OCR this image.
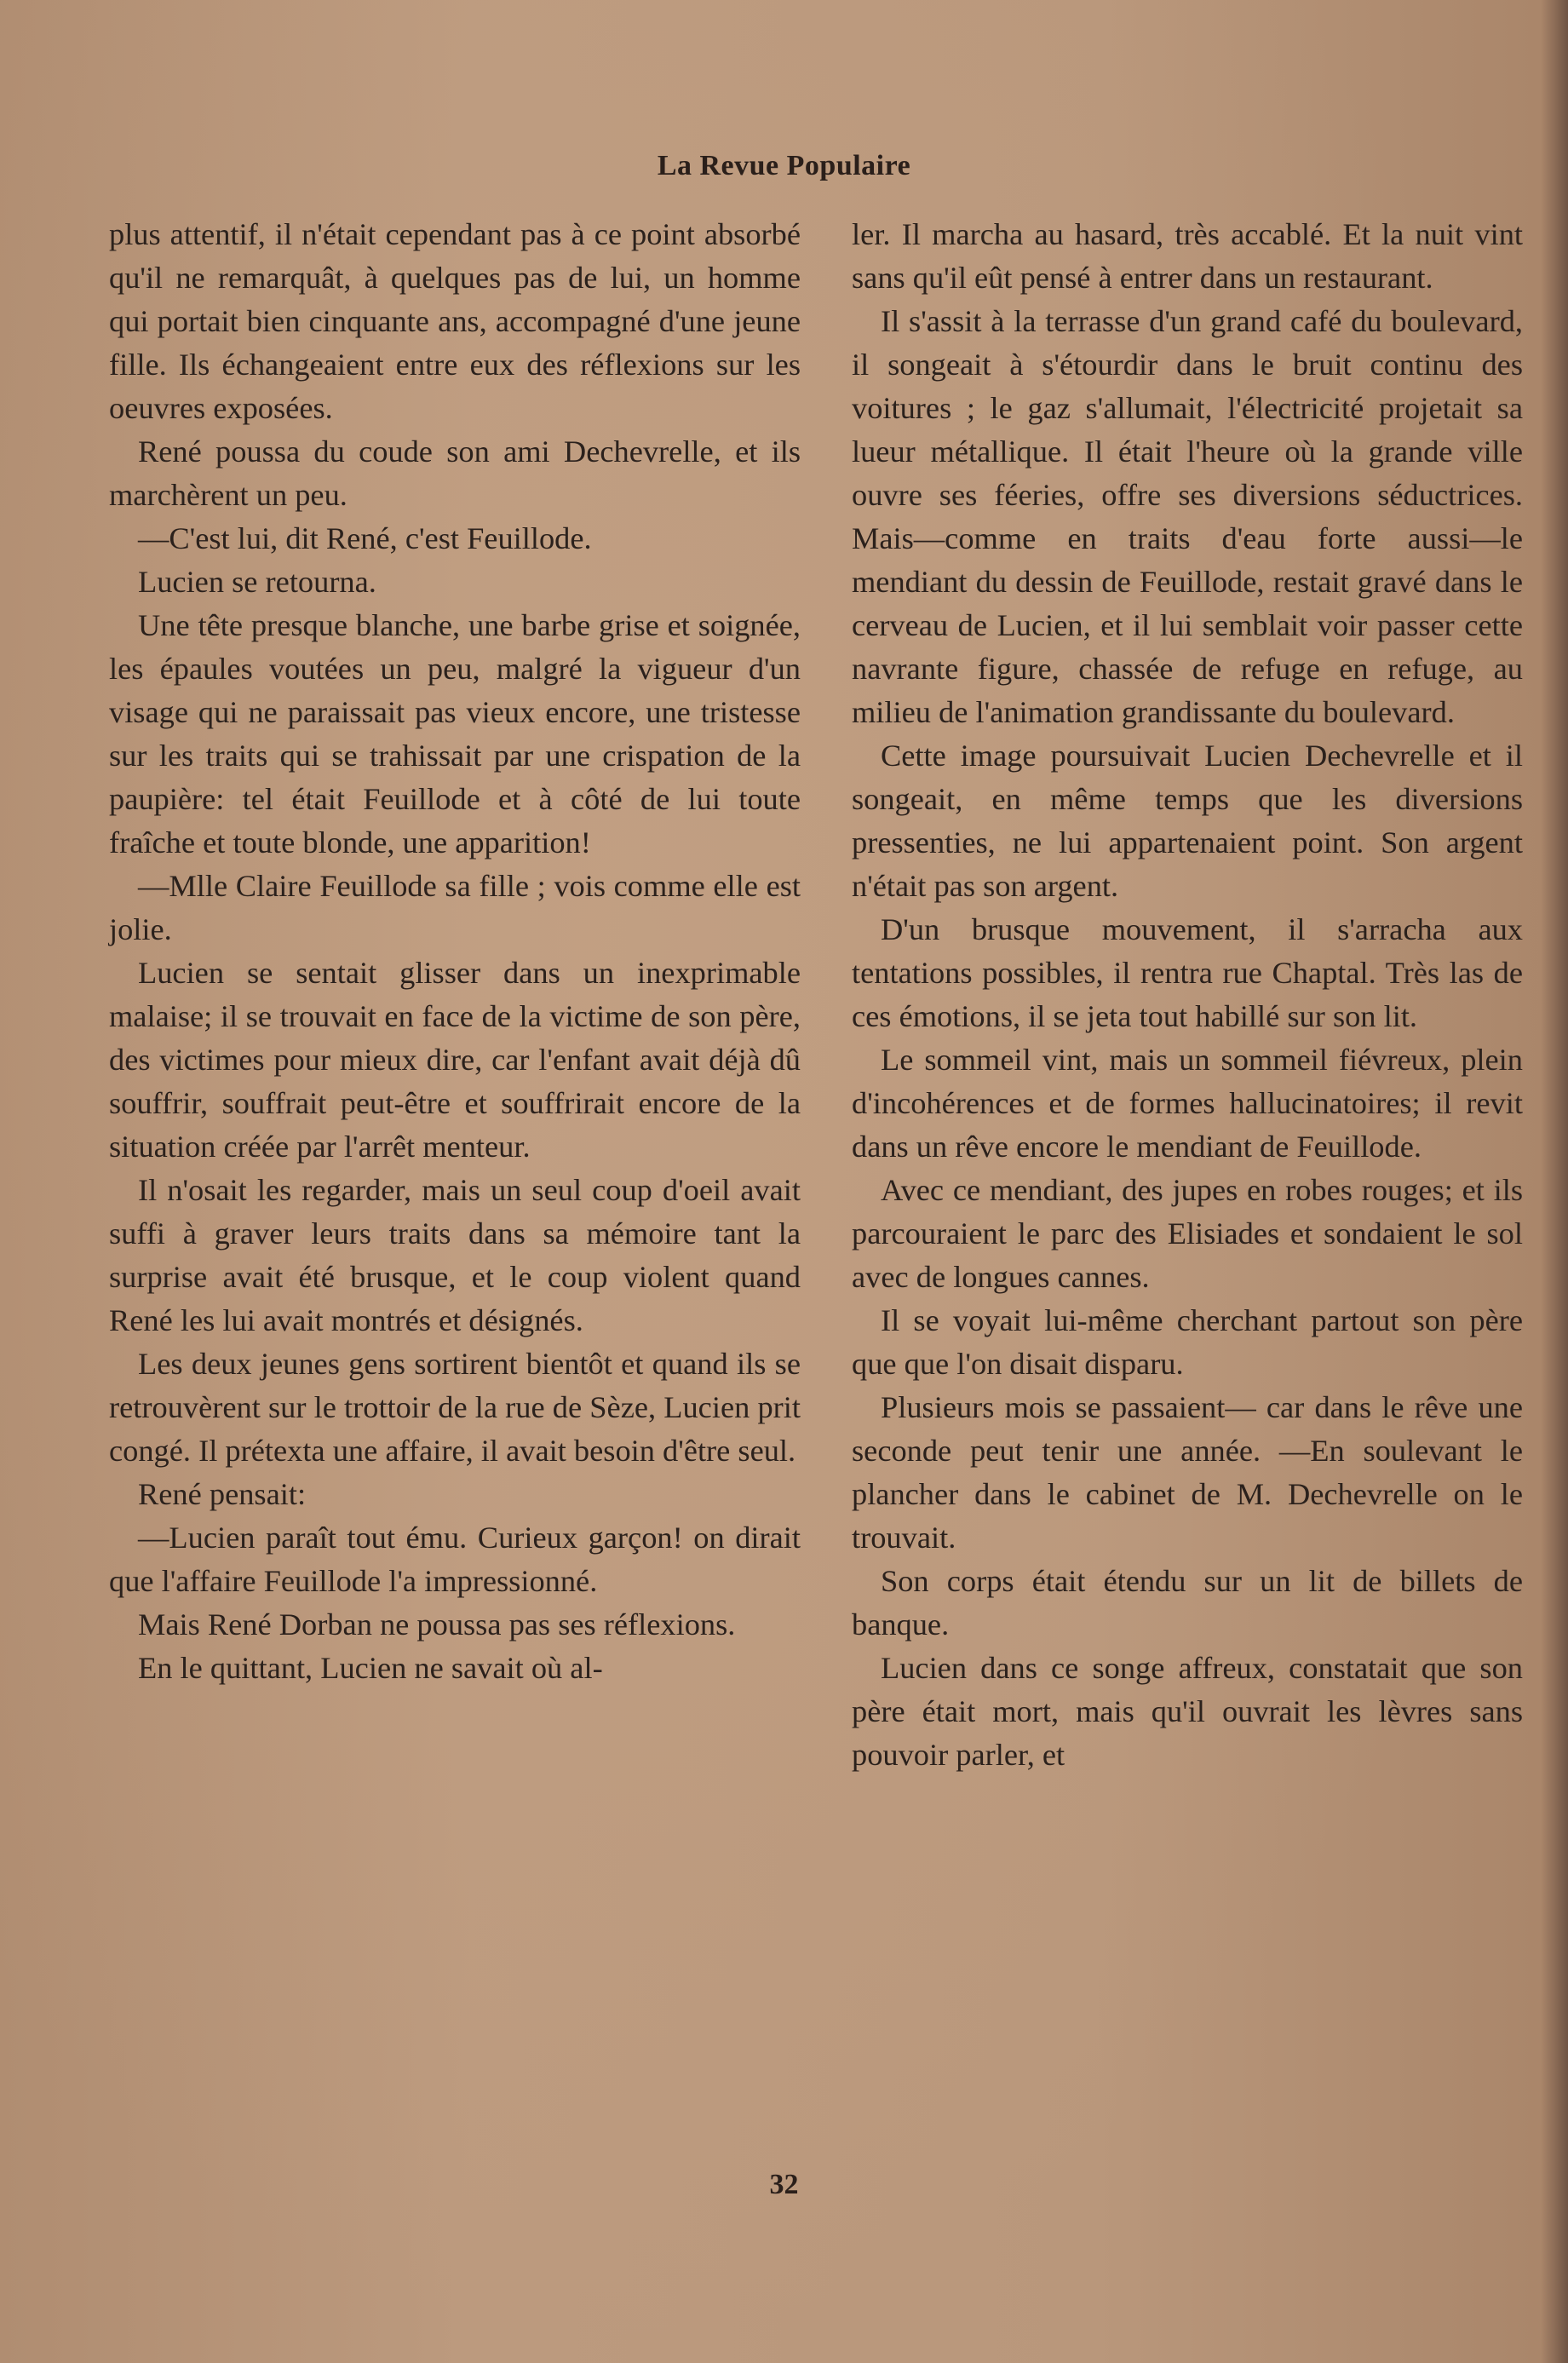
La Revue Populaire

plus attentif, il n'était cependant pas à ce point absorbé qu'il ne remarquât, à quelques pas de lui, un homme qui portait bien cinquante ans, accompagné d'une jeune fille. Ils échangeaient entre eux des réflexions sur les oeuvres exposées.

René poussa du coude son ami Dechevrelle, et ils marchèrent un peu.

—C'est lui, dit René, c'est Feuillode.

Lucien se retourna.

Une tête presque blanche, une barbe grise et soignée, les épaules voutées un peu, malgré la vigueur d'un visage qui ne paraissait pas vieux encore, une tristesse sur les traits qui se trahissait par une crispation de la paupière: tel était Feuillode et à côté de lui toute fraîche et toute blonde, une apparition!

—Mlle Claire Feuillode sa fille ; vois comme elle est jolie.

Lucien se sentait glisser dans un inexprimable malaise; il se trouvait en face de la victime de son père, des victimes pour mieux dire, car l'enfant avait déjà dû souffrir, souffrait peut-être et souffrirait encore de la situation créée par l'arrêt menteur.

Il n'osait les regarder, mais un seul coup d'oeil avait suffi à graver leurs traits dans sa mémoire tant la surprise avait été brusque, et le coup violent quand René les lui avait montrés et désignés.

Les deux jeunes gens sortirent bientôt et quand ils se retrouvèrent sur le trottoir de la rue de Sèze, Lucien prit congé. Il prétexta une affaire, il avait besoin d'être seul.

René pensait:

—Lucien paraît tout ému. Curieux garçon! on dirait que l'affaire Feuillode l'a impressionné.

Mais René Dorban ne poussa pas ses réflexions.

En le quittant, Lucien ne savait où al-

ler. Il marcha au hasard, très accablé. Et la nuit vint sans qu'il eût pensé à entrer dans un restaurant.

Il s'assit à la terrasse d'un grand café du boulevard, il songeait à s'étourdir dans le bruit continu des voitures ; le gaz s'allumait, l'électricité projetait sa lueur métallique. Il était l'heure où la grande ville ouvre ses féeries, offre ses diversions séductrices. Mais—comme en traits d'eau forte aussi—le mendiant du dessin de Feuillode, restait gravé dans le cerveau de Lucien, et il lui semblait voir passer cette navrante figure, chassée de refuge en refuge, au milieu de l'animation grandissante du boulevard.

Cette image poursuivait Lucien Dechevrelle et il songeait, en même temps que les diversions pressenties, ne lui appartenaient point. Son argent n'était pas son argent.

D'un brusque mouvement, il s'arracha aux tentations possibles, il rentra rue Chaptal. Très las de ces émotions, il se jeta tout habillé sur son lit.

Le sommeil vint, mais un sommeil fiévreux, plein d'incohérences et de formes hallucinatoires; il revit dans un rêve encore le mendiant de Feuillode.

Avec ce mendiant, des jupes en robes rouges; et ils parcouraient le parc des Elisiades et sondaient le sol avec de longues cannes.

Il se voyait lui-même cherchant partout son père que que l'on disait disparu.

Plusieurs mois se passaient— car dans le rêve une seconde peut tenir une année. —En soulevant le plancher dans le cabinet de M. Dechevrelle on le trouvait.

Son corps était étendu sur un lit de billets de banque.

Lucien dans ce songe affreux, constatait que son père était mort, mais qu'il ouvrait les lèvres sans pouvoir parler, et

32
